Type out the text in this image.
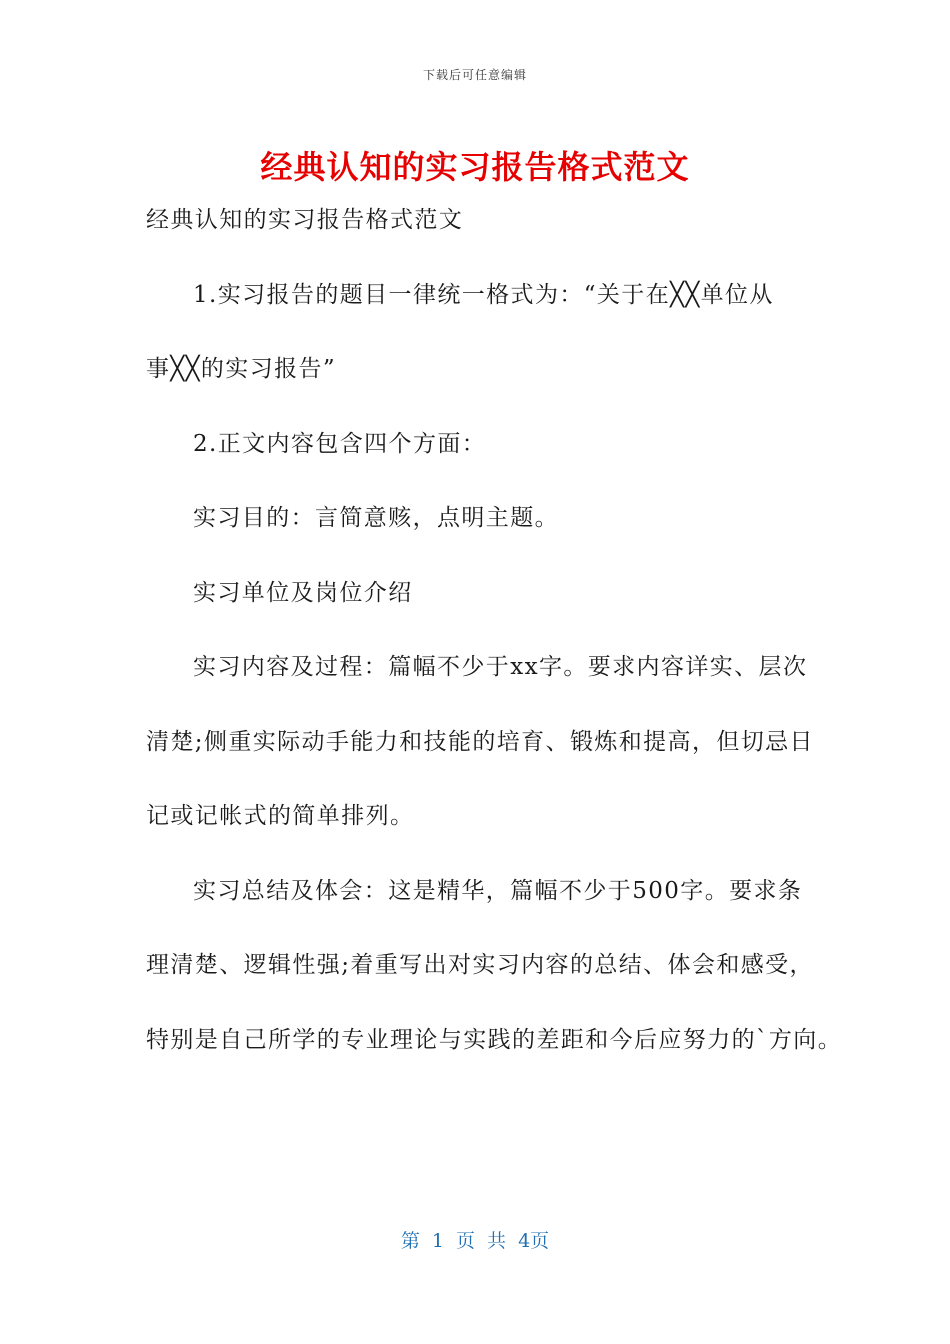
下载后可任意编辑
经典认知的实习报告格式范文
经典认知的实习报告格式范文
1.实习报告的题目一律统一格式为：“关于在╳╳单位从
事╳╳的实习报告”
2.正文内容包含四个方面：
实习目的：言简意赅，点明主题。
实习单位及岗位介绍
实习内容及过程：篇幅不少于xx字。要求内容详实、层次
清楚;侧重实际动手能力和技能的培育、锻炼和提高，但切忌日
记或记帐式的简单排列。
实习总结及体会：这是精华，篇幅不少于500字。要求条
理清楚、逻辑性强;着重写出对实习内容的总结、体会和感受，
特别是自己所学的专业理论与实践的差距和今后应努力的`方向。
第 1 页 共 4页
